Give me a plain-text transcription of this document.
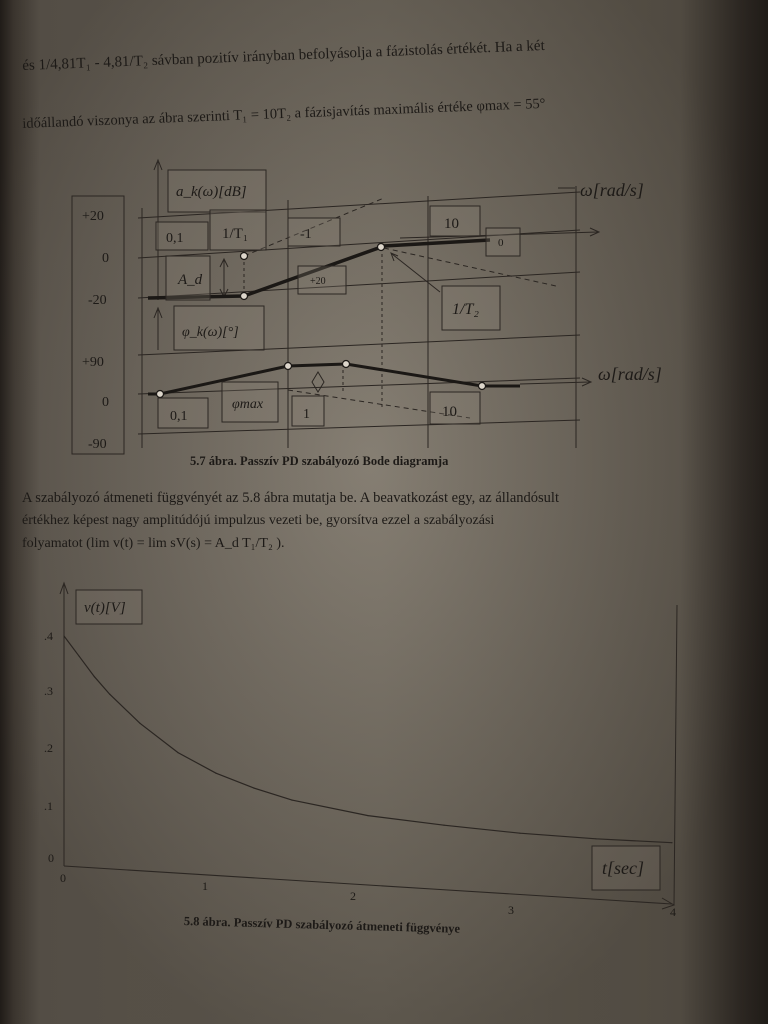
és 1/4,81T₁ - 4,81/T₂ sávban pozitív irányban befolyásolja a fázistolás értékét. Ha a két
időállandó viszonya az ábra szerinti T₁ = 10T₂ a fázisjavítás maximális értéke φmax = 55°
+20
0
-20
+90
0
-90
a_k(ω)[dB]
φ_k(ω)[°]
ω[rad/s]
ω[rad/s]
0,1	1/T₁	-1
10
0
+20
A_d
1/T₂
0,1
φmax
1	10
5.7 ábra. Passzív PD szabályozó Bode diagramja
A szabályozó átmeneti függvényét az 5.8 ábra mutatja be. A beavatkozást egy, az állandósult
értékhez képest nagy amplitúdójú impulzus vezeti be, gyorsítva ezzel a szabályozási
folyamatot (lim v(t) = lim sV(s) = A_d T₁/T₂ ).
.4
.3
.2
.1
0
0
1
2
3	4
v(t)[V]
t[sec]
5.8 ábra. Passzív PD szabályozó átmeneti függvénye
